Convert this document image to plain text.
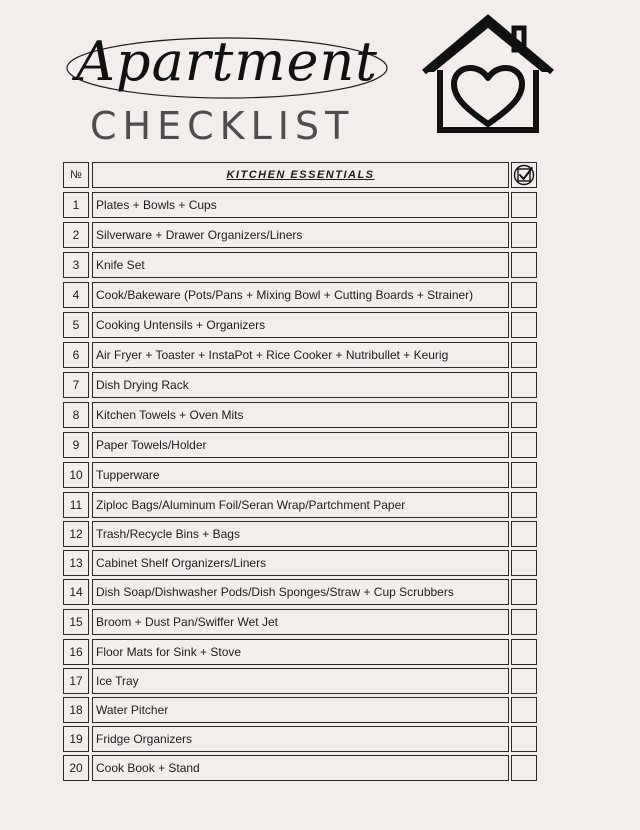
Apartment
CHECKLIST
№	KITCHEN ESSENTIALS
1	Plates + Bowls + Cups
2	Silverware + Drawer Organizers/Liners
3	Knife Set
4	Cook/Bakeware (Pots/Pans + Mixing Bowl + Cutting Boards + Strainer)
5	Cooking Untensils + Organizers
6	Air Fryer + Toaster + InstaPot + Rice Cooker + Nutribullet + Keurig
7	Dish Drying Rack
8	Kitchen Towels + Oven Mits
9	Paper Towels/Holder
10	Tupperware
11	Ziploc Bags/Aluminum Foil/Seran Wrap/Partchment Paper
12	Trash/Recycle Bins + Bags
13	Cabinet Shelf Organizers/Liners
14	Dish Soap/Dishwasher Pods/Dish Sponges/Straw + Cup Scrubbers
15	Broom + Dust Pan/Swiffer Wet Jet
16	Floor Mats for Sink + Stove
17	Ice Tray
18	Water Pitcher
19	Fridge Organizers
20	Cook Book + Stand
